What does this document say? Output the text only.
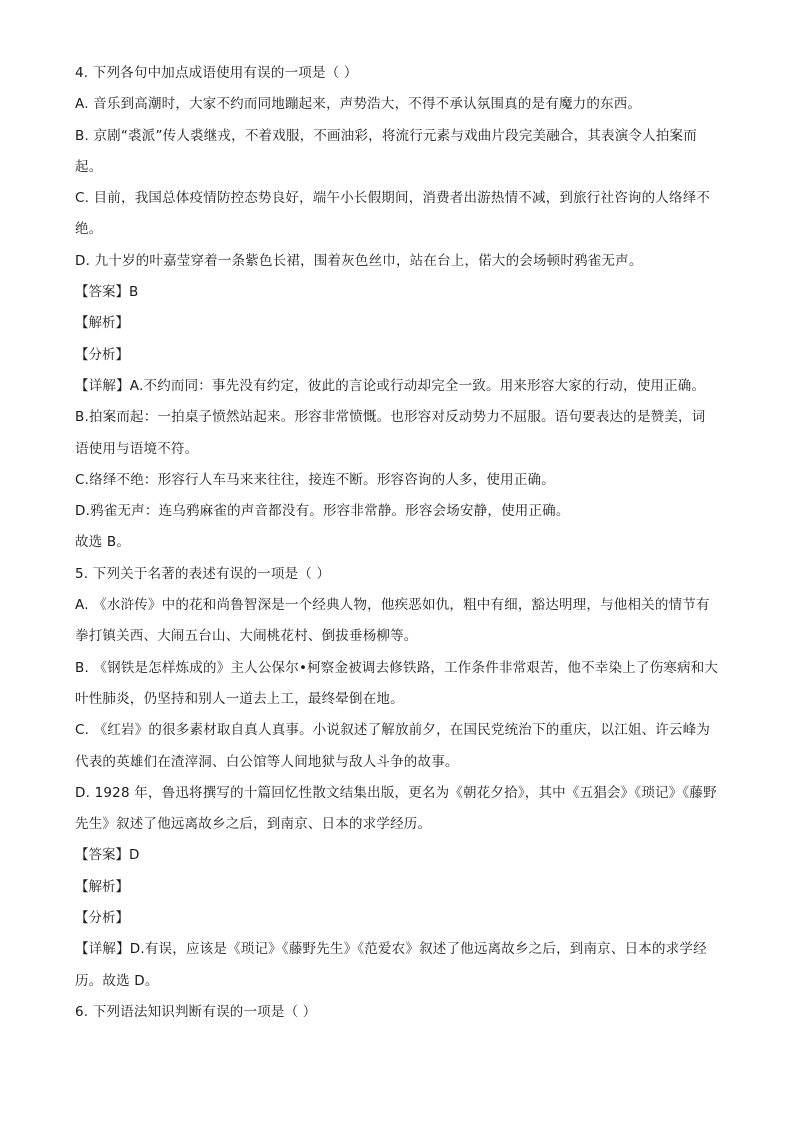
4. 下列各句中加点成语使用有误的一项是（ ）
A. 音乐到高潮时，大家不约而同地蹦起来，声势浩大，不得不承认氛围真的是有魔力的东西。
B. 京剧“裘派”传人裘继戎，不着戏服，不画油彩，将流行元素与戏曲片段完美融合，其表演令人拍案而
起。
C. 目前，我国总体疫情防控态势良好，端午小长假期间，消费者出游热情不减，到旅行社咨询的人络绎不
绝。
D. 九十岁的叶嘉莹穿着一条紫色长裙，围着灰色丝巾，站在台上，偌大的会场顿时鸦雀无声。
【答案】B
【解析】
【分析】
【详解】A.不约而同：事先没有约定，彼此的言论或行动却完全一致。用来形容大家的行动，使用正确。
B.拍案而起：一拍桌子愤然站起来。形容非常愤慨。也形容对反动势力不屈服。语句要表达的是赞美，词
语使用与语境不符。
C.络绎不绝：形容行人车马来来往往，接连不断。形容咨询的人多，使用正确。
D.鸦雀无声：连乌鸦麻雀的声音都没有。形容非常静。形容会场安静，使用正确。
故选 B。
5. 下列关于名著的表述有误的一项是（ ）
A. 《水浒传》中的花和尚鲁智深是一个经典人物，他疾恶如仇，粗中有细，豁达明理，与他相关的情节有
拳打镇关西、大闹五台山、大闹桃花村、倒拔垂杨柳等。
B. 《钢铁是怎样炼成的》主人公保尔•柯察金被调去修铁路，工作条件非常艰苦，他不幸染上了伤寒病和大
叶性肺炎，仍坚持和别人一道去上工，最终晕倒在地。
C. 《红岩》的很多素材取自真人真事。小说叙述了解放前夕，在国民党统治下的重庆，以江姐、许云峰为
代表的英雄们在渣滓洞、白公馆等人间地狱与敌人斗争的故事。
D. 1928 年，鲁迅将撰写的十篇回忆性散文结集出版，更名为《朝花夕拾》，其中《五猖会》《琐记》《藤野
先生》叙述了他远离故乡之后，到南京、日本的求学经历。
【答案】D
【解析】
【分析】
【详解】D.有误，应该是《琐记》《藤野先生》《范爱农》叙述了他远离故乡之后，到南京、日本的求学经
历。故选 D。
6. 下列语法知识判断有误的一项是（ ）
